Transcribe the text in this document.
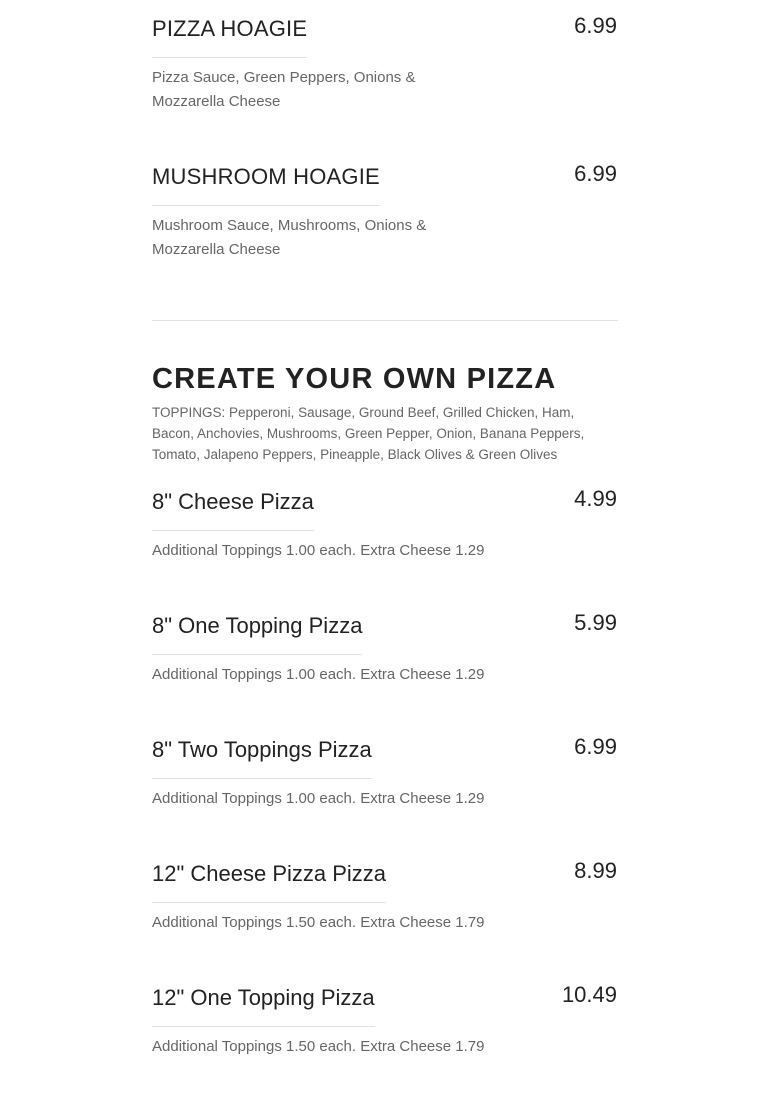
PIZZA HOAGIE	6.99
Pizza Sauce, Green Peppers, Onions & Mozzarella Cheese
MUSHROOM HOAGIE	6.99
Mushroom Sauce, Mushrooms, Onions & Mozzarella Cheese
CREATE YOUR OWN PIZZA
TOPPINGS: Pepperoni, Sausage, Ground Beef, Grilled Chicken, Ham, Bacon, Anchovies, Mushrooms, Green Pepper, Onion, Banana Peppers, Tomato, Jalapeno Peppers, Pineapple, Black Olives & Green Olives
8" Cheese Pizza	4.99
Additional Toppings 1.00 each. Extra Cheese 1.29
8" One Topping Pizza	5.99
Additional Toppings 1.00 each. Extra Cheese 1.29
8" Two Toppings Pizza	6.99
Additional Toppings 1.00 each. Extra Cheese 1.29
12" Cheese Pizza Pizza	8.99
Additional Toppings 1.50 each. Extra Cheese 1.79
12" One Topping Pizza	10.49
Additional Toppings 1.50 each. Extra Cheese 1.79
